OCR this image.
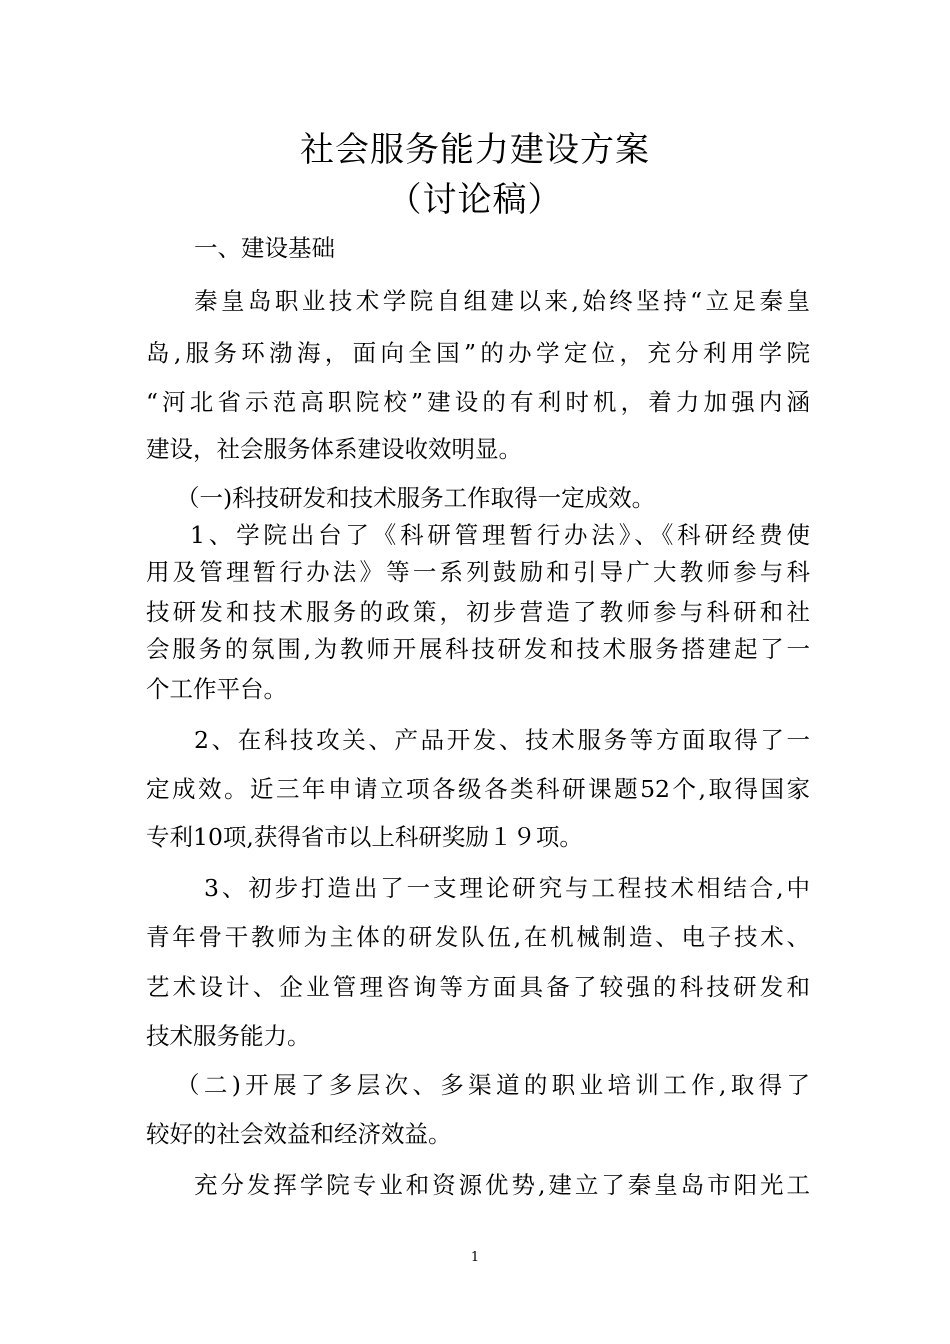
社会服务能力建设方案
（讨论稿）
一、建设基础
秦皇岛职业技术学院自组建以来,始终坚持“立足秦皇
岛,服务环渤海，面向全国”的办学定位，充分利用学院
“河北省示范高职院校”建设的有利时机，着力加强内涵
建设，社会服务体系建设收效明显。
（一)科技研发和技术服务工作取得一定成效。
1、学院出台了《科研管理暂行办法》、《科研经费使
用及管理暂行办法》等一系列鼓励和引导广大教师参与科
技研发和技术服务的政策，初步营造了教师参与科研和社
会服务的氛围,为教师开展科技研发和技术服务搭建起了一
个工作平台。
2、在科技攻关、产品开发、技术服务等方面取得了一
定成效。近三年申请立项各级各类科研课题52个,取得国家
专利10项,获得省市以上科研奖励１９项。
3、初步打造出了一支理论研究与工程技术相结合,中
青年骨干教师为主体的研发队伍,在机械制造、电子技术、
艺术设计、企业管理咨询等方面具备了较强的科技研发和
技术服务能力。
（二)开展了多层次、多渠道的职业培训工作,取得了
较好的社会效益和经济效益。
充分发挥学院专业和资源优势,建立了秦皇岛市阳光工
1
